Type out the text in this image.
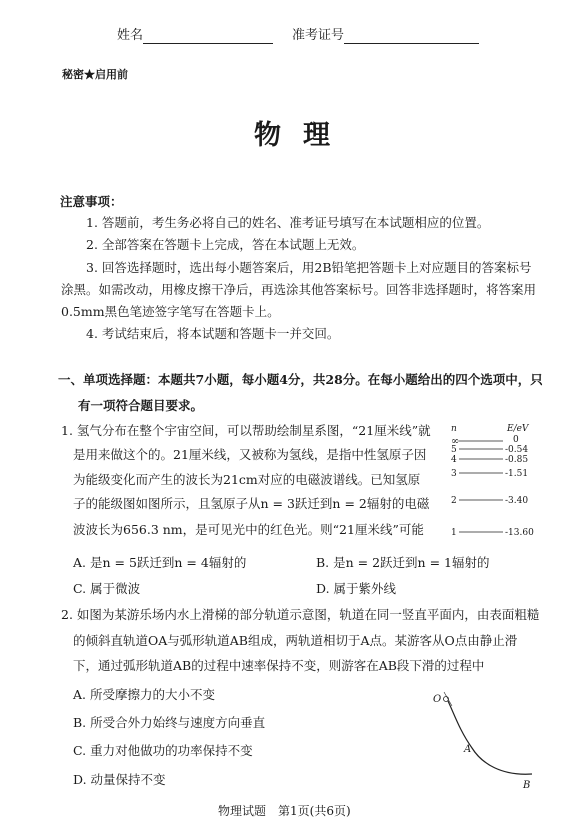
姓名	准考证号
秘密★启用前
物理
注意事项：
1. 答题前，考生务必将自己的姓名、准考证号填写在本试题相应的位置。
2. 全部答案在答题卡上完成，答在本试题上无效。
3. 回答选择题时，选出每小题答案后，用2B铅笔把答题卡上对应题目的答案标号
涂黑。如需改动，用橡皮擦干净后，再选涂其他答案标号。回答非选择题时，将答案用
0.5mm黑色笔迹签字笔写在答题卡上。
4. 考试结束后，将本试题和答题卡一并交回。
一、单项选择题：本题共7小题，每小题4分，共28分。在每小题给出的四个选项中，只
有一项符合题目要求。
1. 氢气分布在整个宇宙空间，可以帮助绘制星系图，“21厘米线”就
是用来做这个的。21厘米线，又被称为氢线，是指中性氢原子因
为能级变化而产生的波长为21cm对应的电磁波谱线。已知氢原
子的能级图如图所示，且氢原子从n = 3跃迁到n = 2辐射的电磁
波波长为656.3 nm，是可见光中的红色光。则“21厘米线”可能
A. 是n = 5跃迁到n = 4辐射的	B. 是n = 2跃迁到n = 1辐射的
C. 属于微波	D. 属于紫外线
n	E/eV
∞	0
5	-0.54
4	-0.85
3	-1.51
2	-3.40
1	-13.60
2. 如图为某游乐场内水上滑梯的部分轨道示意图，轨道在同一竖直平面内，由表面粗糙
的倾斜直轨道OA与弧形轨道AB组成，两轨道相切于A点。某游客从O点由静止滑
下，通过弧形轨道AB的过程中速率保持不变，则游客在AB段下滑的过程中
A. 所受摩擦力的大小不变
B. 所受合外力始终与速度方向垂直
C. 重力对他做功的功率保持不变
D. 动量保持不变
O
A
B
物理试题　第1页(共6页)
